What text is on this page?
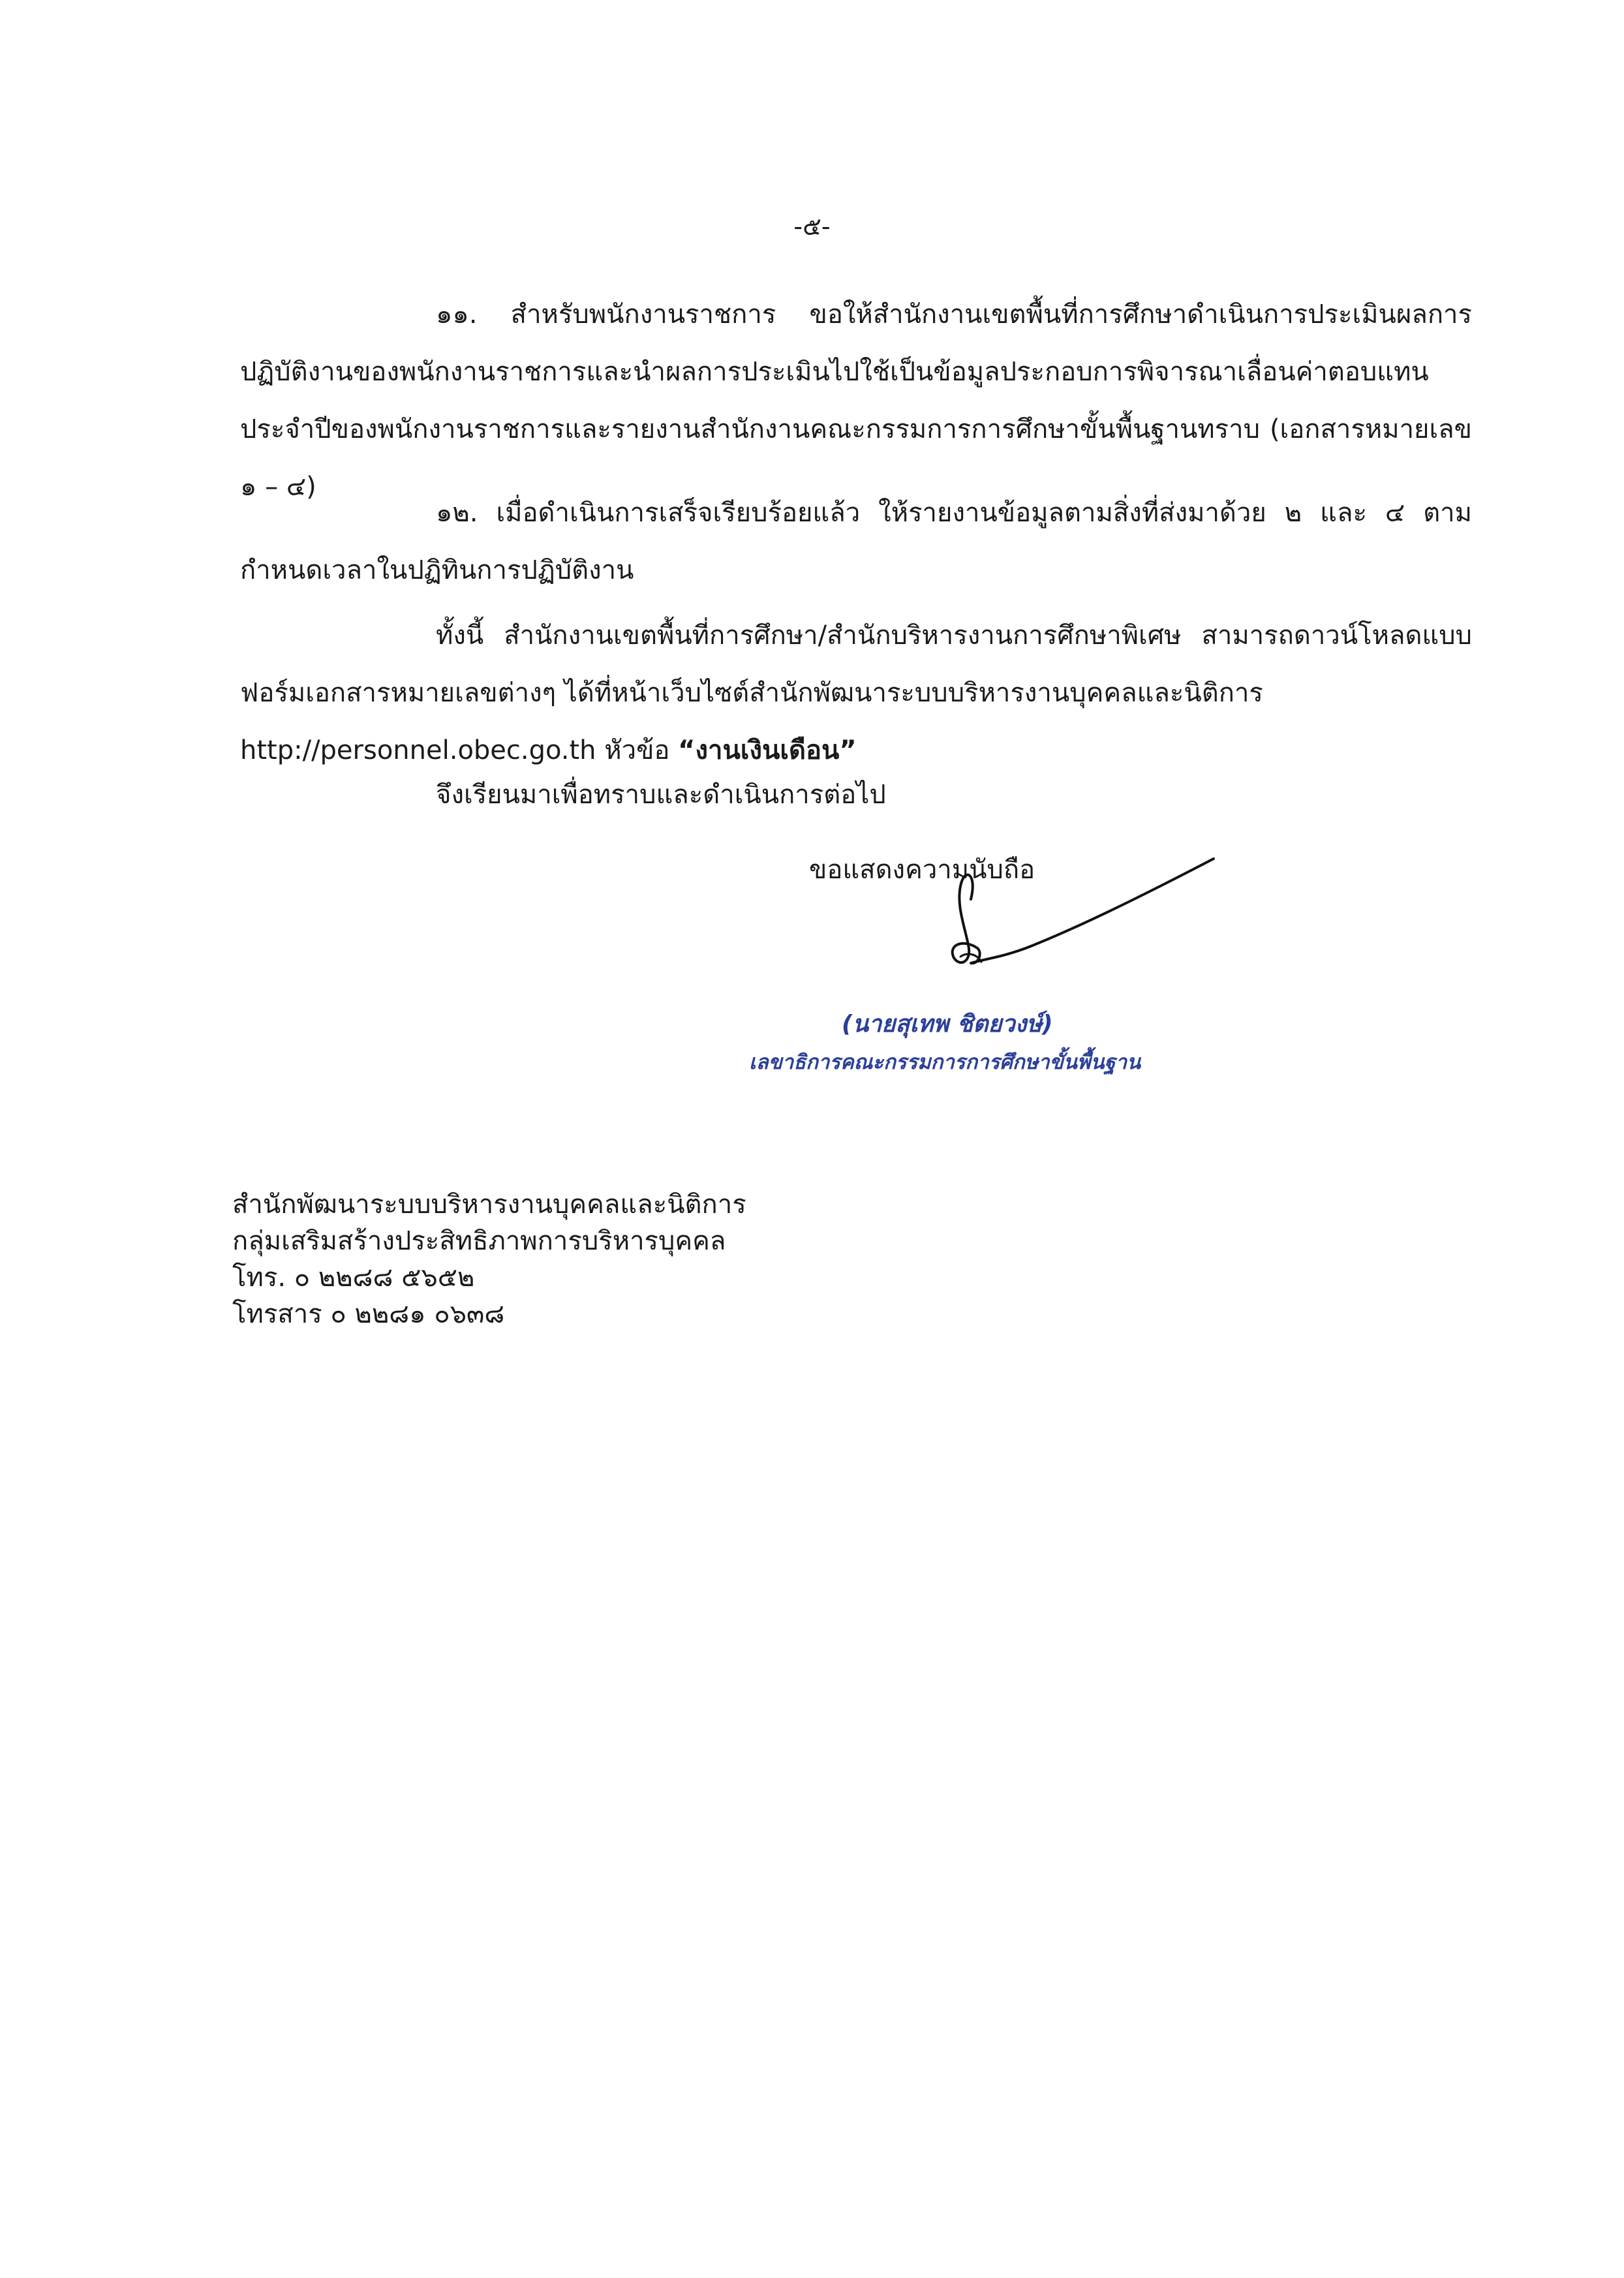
-๕-

๑๑. สำหรับพนักงานราชการ ขอให้สำนักงานเขตพื้นที่การศึกษาดำเนินการประเมินผลการปฏิบัติงานของพนักงานราชการและนำผลการประเมินไปใช้เป็นข้อมูลประกอบการพิจารณาเลื่อนค่าตอบแทนประจำปีของพนักงานราชการและรายงานสำนักงานคณะกรรมการการศึกษาขั้นพื้นฐานทราบ (เอกสารหมายเลข ๑ – ๔)

๑๒. เมื่อดำเนินการเสร็จเรียบร้อยแล้ว ให้รายงานข้อมูลตามสิ่งที่ส่งมาด้วย ๒ และ ๔ ตามกำหนดเวลาในปฏิทินการปฏิบัติงาน

ทั้งนี้ สำนักงานเขตพื้นที่การศึกษา/สำนักบริหารงานการศึกษาพิเศษ สามารถดาวน์โหลดแบบฟอร์มเอกสารหมายเลขต่างๆ ได้ที่หน้าเว็บไซต์สำนักพัฒนาระบบบริหารงานบุคคลและนิติการ

http://personnel.obec.go.th หัวข้อ “งานเงินเดือน”

จึงเรียนมาเพื่อทราบและดำเนินการต่อไป

ขอแสดงความนับถือ
(นายสุเทพ ชิตยวงษ์)
เลขาธิการคณะกรรมการการศึกษาขั้นพื้นฐาน
สำนักพัฒนาระบบบริหารงานบุคคลและนิติการ
กลุ่มเสริมสร้างประสิทธิภาพการบริหารบุคคล
โทร. ๐ ๒๒๘๘ ๕๖๕๒
โทรสาร ๐ ๒๒๘๑ ๐๖๓๘
